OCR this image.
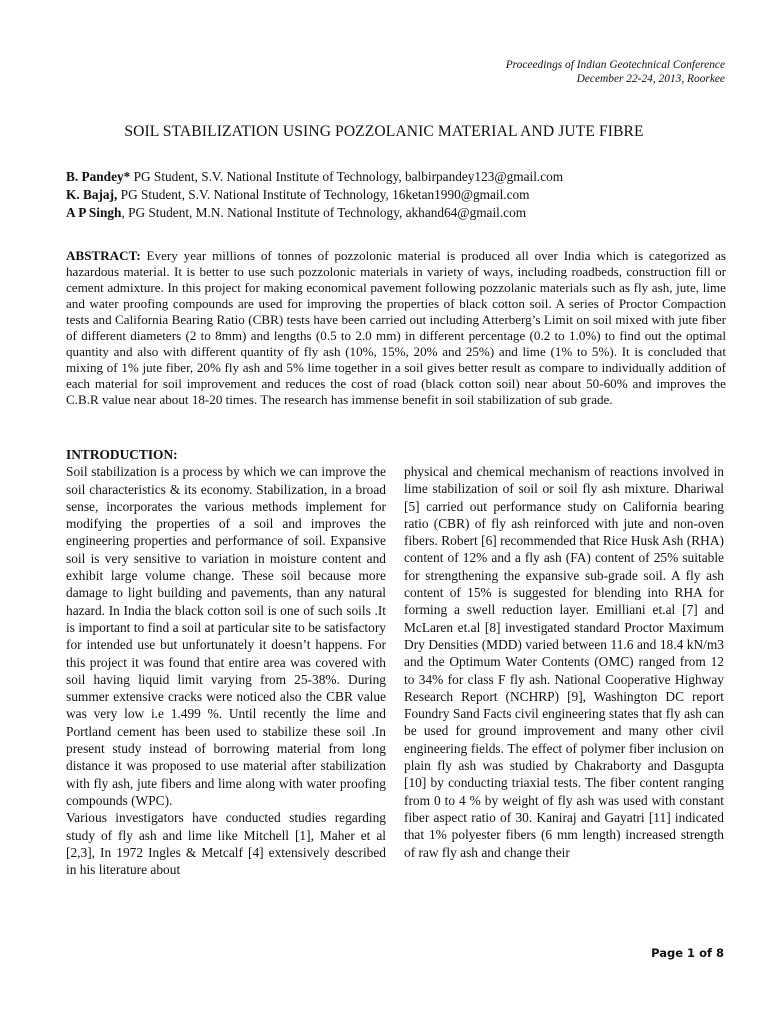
Proceedings of Indian Geotechnical Conference
December 22-24, 2013, Roorkee
SOIL STABILIZATION USING POZZOLANIC MATERIAL AND JUTE FIBRE
B. Pandey* PG Student, S.V. National Institute of Technology, balbirpandey123@gmail.com
K. Bajaj, PG Student, S.V. National Institute of Technology, 16ketan1990@gmail.com
A P Singh, PG Student, M.N. National Institute of Technology, akhand64@gmail.com

ABSTRACT: Every year millions of tonnes of pozzolonic material is produced all over India which is categorized as hazardous material. It is better to use such pozzolonic materials in variety of ways, including roadbeds, construction fill or cement admixture. In this project for making economical pavement following pozzolanic materials such as fly ash, jute, lime and water proofing compounds are used for improving the properties of black cotton soil. A series of Proctor Compaction tests and California Bearing Ratio (CBR) tests have been carried out including Atterberg’s Limit on soil mixed with jute fiber of different diameters (2 to 8mm) and lengths (0.5 to 2.0 mm) in different percentage (0.2 to 1.0%) to find out the optimal quantity and also with different quantity of fly ash (10%, 15%, 20% and 25%) and lime (1% to 5%). It is concluded that mixing of 1% jute fiber, 20% fly ash and 5% lime together in a soil gives better result as compare to individually addition of each material for soil improvement and reduces the cost of road (black cotton soil) near about 50-60% and improves the C.B.R value near about 18-20 times. The research has immense benefit in soil stabilization of sub grade.

INTRODUCTION:

Soil stabilization is a process by which we can improve the soil characteristics & its economy. Stabilization, in a broad sense, incorporates the various methods implement for modifying the properties of a soil and improves the engineering properties and performance of soil. Expansive soil is very sensitive to variation in moisture content and exhibit large volume change. These soil because more damage to light building and pavements, than any natural hazard. In India the black cotton soil is one of such soils .It is important to find a soil at particular site to be satisfactory for intended use but unfortunately it doesn’t happens. For this project it was found that entire area was covered with soil having liquid limit varying from 25-38%. During summer extensive cracks were noticed also the CBR value was very low i.e 1.499 %. Until recently the lime and Portland cement has been used to stabilize these soil .In present study instead of borrowing material from long distance it was proposed to use material after stabilization with fly ash, jute fibers and lime along with water proofing compounds (WPC).

Various investigators have conducted studies regarding study of fly ash and lime like Mitchell [1], Maher et al [2,3], In 1972 Ingles & Metcalf [4] extensively described in his literature about

physical and chemical mechanism of reactions involved in lime stabilization of soil or soil fly ash mixture. Dhariwal [5] carried out performance study on California bearing ratio (CBR) of fly ash reinforced with jute and non-oven fibers. Robert [6] recommended that Rice Husk Ash (RHA) content of 12% and a fly ash (FA) content of 25% suitable for strengthening the expansive sub-grade soil. A fly ash content of 15% is suggested for blending into RHA for forming a swell reduction layer. Emilliani et.al [7] and McLaren et.al [8] investigated standard Proctor Maximum Dry Densities (MDD) varied between 11.6 and 18.4 kN/m3 and the Optimum Water Contents (OMC) ranged from 12 to 34% for class F fly ash. National Cooperative Highway Research Report (NCHRP) [9], Washington DC report Foundry Sand Facts civil engineering states that fly ash can be used for ground improvement and many other civil engineering fields. The effect of polymer fiber inclusion on plain fly ash was studied by Chakraborty and Dasgupta [10] by conducting triaxial tests. The fiber content ranging from 0 to 4 % by weight of fly ash was used with constant fiber aspect ratio of 30. Kaniraj and Gayatri [11] indicated that 1% polyester fibers (6 mm length) increased strength of raw fly ash and change their

Page 1 of 8
